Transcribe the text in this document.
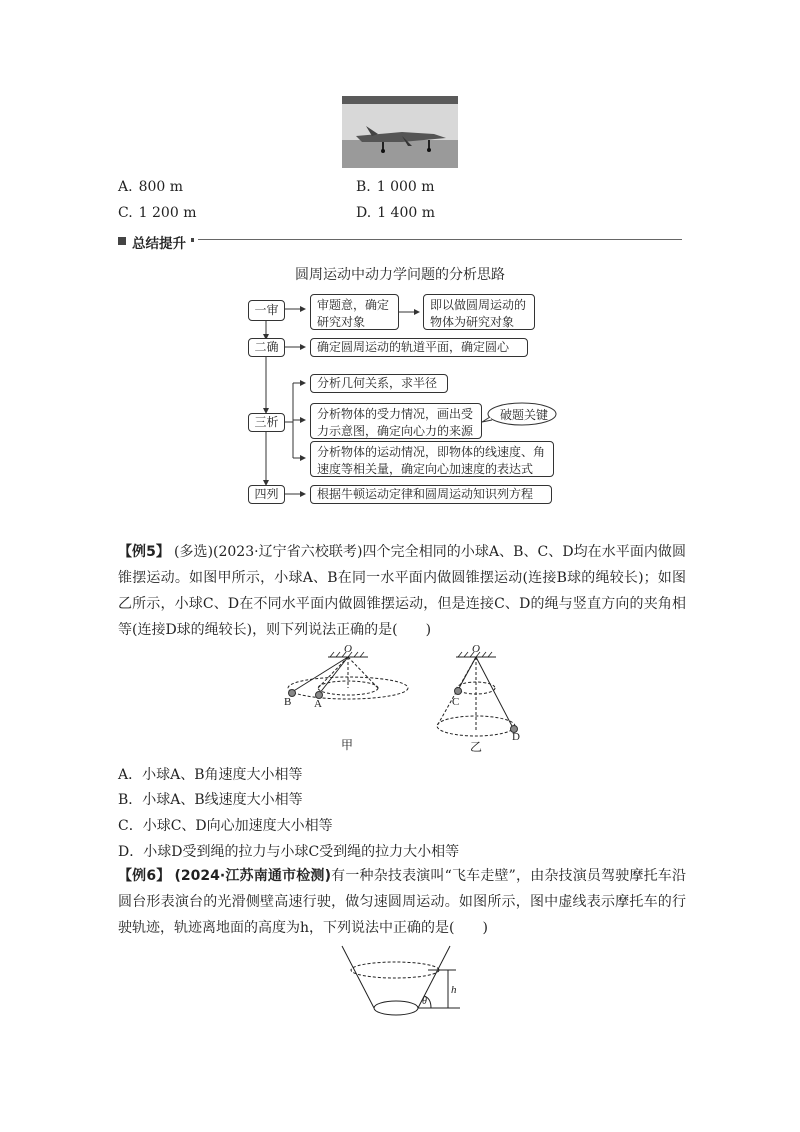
A. 800 m	B. 1 000 m
C. 1 200 m	D. 1 400 m
总结提升
圆周运动中动力学问题的分析思路
一审
二确
三析
四列
审题意，确定研究对象
即以做圆周运动的物体为研究对象
确定圆周运动的轨道平面，确定圆心
分析几何关系，求半径
分析物体的受力情况，画出受力示意图，确定向心力的来源
分析物体的运动情况，即物体的线速度、角速度等相关量，确定向心加速度的表达式
根据牛顿运动定律和圆周运动知识列方程
破题关键
【例5】 (多选)(2023·辽宁省六校联考)四个完全相同的小球A、B、C、D均在水平面内做圆锥摆运动。如图甲所示，小球A、B在同一水平面内做圆锥摆运动(连接B球的绳较长)；如图乙所示，小球C、D在不同水平面内做圆锥摆运动，但是连接C、D的绳与竖直方向的夹角相等(连接D球的绳较长)，则下列说法正确的是(　　)
O
B A
甲
O
C
D
乙
A．小球A、B角速度大小相等
B．小球A、B线速度大小相等
C．小球C、D向心加速度大小相等
D．小球D受到绳的拉力与小球C受到绳的拉力大小相等
【例6】 (2024·江苏南通市检测)有一种杂技表演叫“飞车走壁”，由杂技演员驾驶摩托车沿圆台形表演台的光滑侧壁高速行驶，做匀速圆周运动。如图所示，图中虚线表示摩托车的行驶轨迹，轨迹离地面的高度为h，下列说法中正确的是(　　)
h
θ
